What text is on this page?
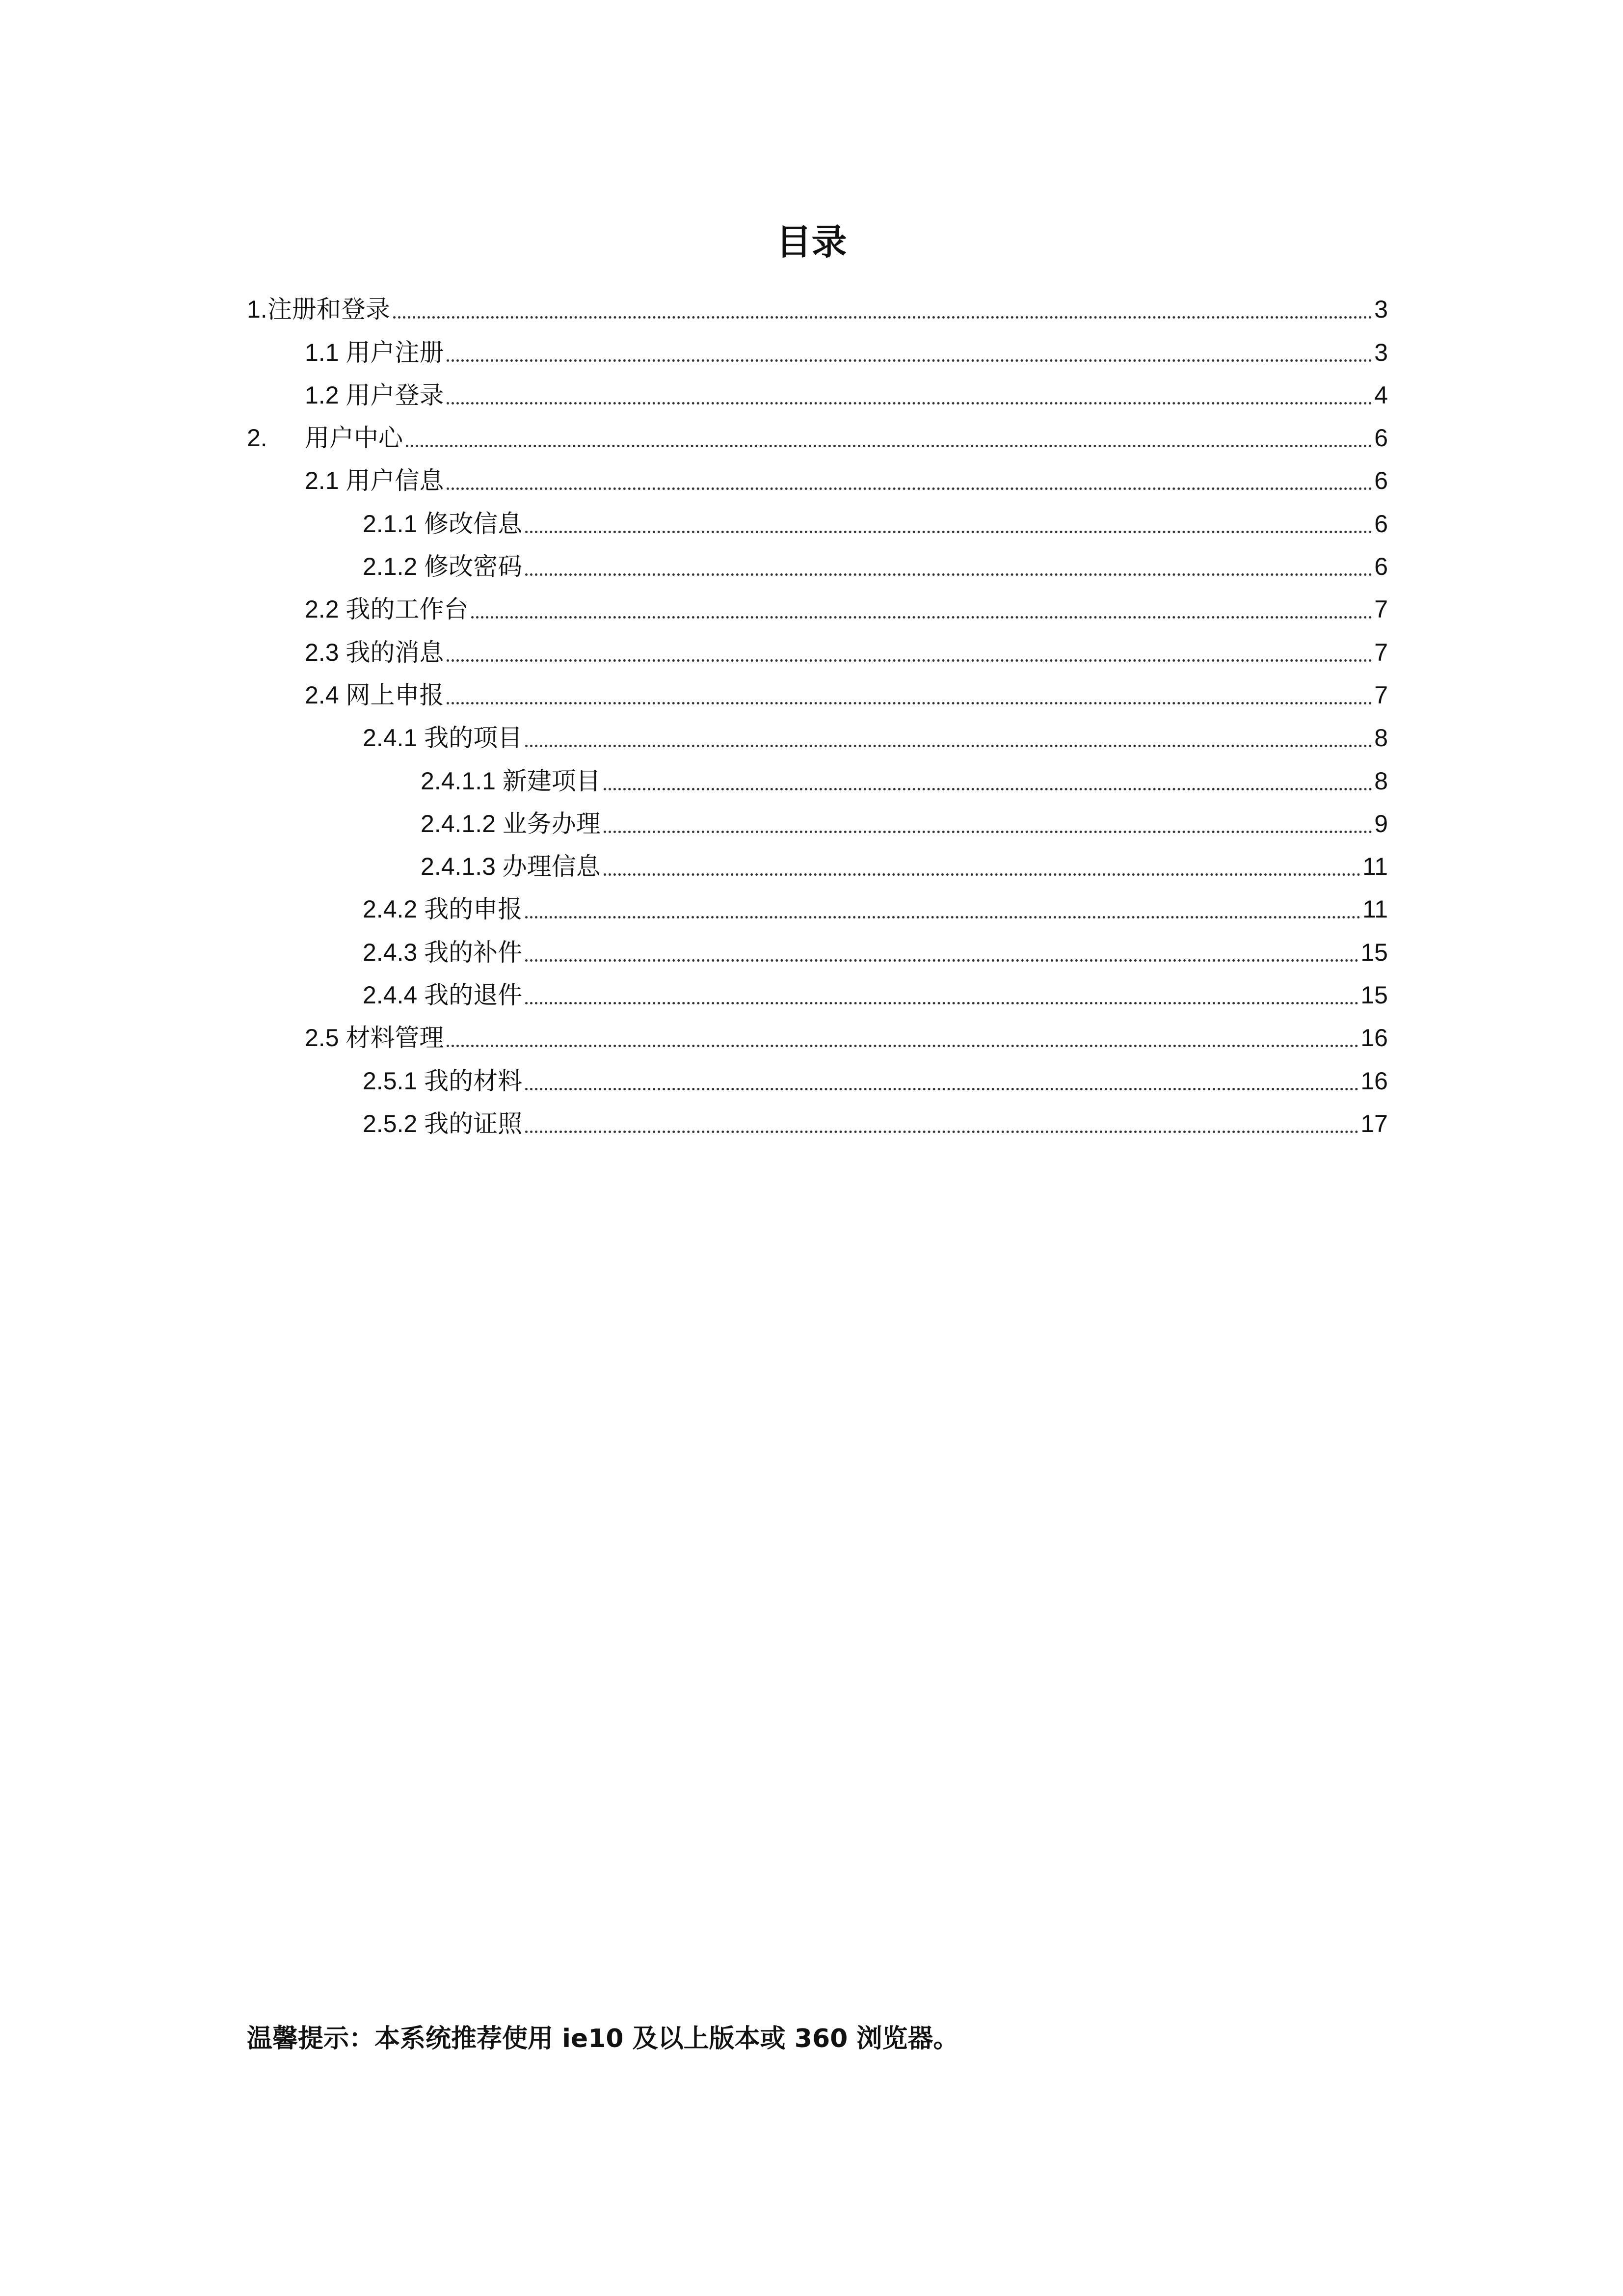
目录
1. 注册和登录	3
1.1 用户注册	3
1.2 用户登录	4
2.	用户中心	6
2.1 用户信息	6
2.1.1 修改信息	6
2.1.2 修改密码	6
2.2 我的工作台	7
2.3 我的消息	7
2.4 网上申报	7
2.4.1 我的项目	8
2.4.1.1 新建项目	8
2.4.1.2 业务办理	9
2.4.1.3 办理信息	11
2.4.2 我的申报	11
2.4.3 我的补件	15
2.4.4 我的退件	15
2.5 材料管理	16
2.5.1 我的材料	16
2.5.2 我的证照	17
温馨提示：本系统推荐使用 ie10 及以上版本或 360 浏览器。
